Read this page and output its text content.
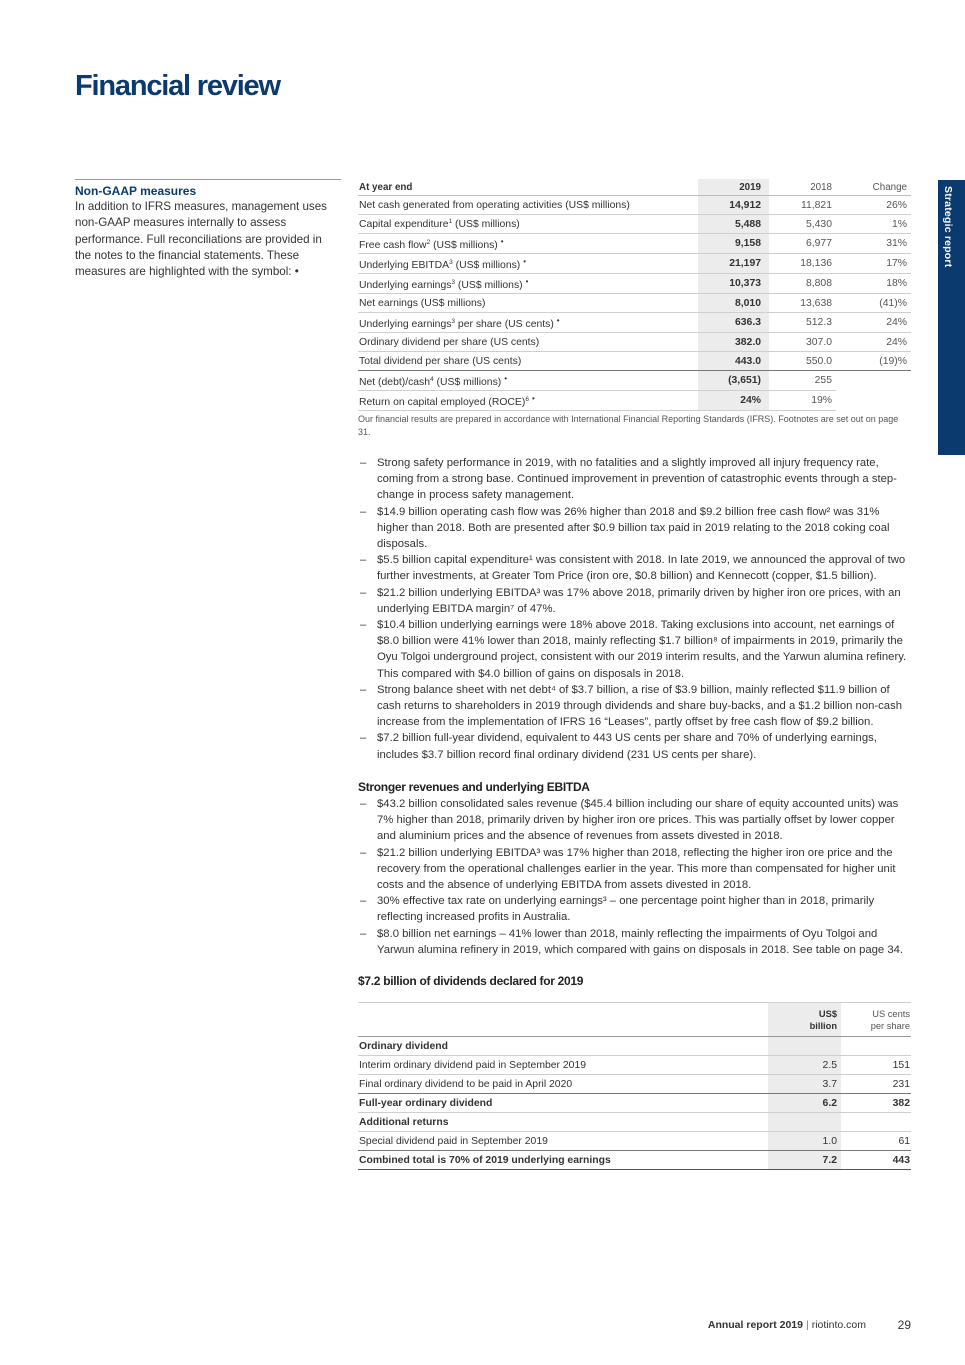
Financial review
Strategic report
Non-GAAP measures

In addition to IFRS measures, management uses non-GAAP measures internally to assess performance. Full reconciliations are provided in the notes to the financial statements. These measures are highlighted with the symbol: •

At year end	2019	2018	Change
Net cash generated from operating activities (US$ millions)	14,912	11,821	26%
Capital expenditure$^1$ (US$ millions)	5,488	5,430	1%
Free cash flow$^2$ (US$ millions) •	9,158	6,977	31%
Underlying EBITDA$^3$ (US$ millions) •	21,197	18,136	17%
Underlying earnings$^3$ (US$ millions) •	10,373	8,808	18%
Net earnings (US$ millions)	8,010	13,638	(41)%
Underlying earnings$^3$ per share (US cents) •	636.3	512.3	24%
Ordinary dividend per share (US cents)	382.0	307.0	24%
Total dividend per share (US cents)	443.0	550.0	(19)%
Net (debt)/cash$^4$ (US$ millions) •	(3,651)	255	
Return on capital employed (ROCE)$^6$ •	24%	19%	

Our financial results are prepared in accordance with International Financial Reporting Standards (IFRS). Footnotes are set out on page 31.

– Strong safety performance in 2019, with no fatalities and a slightly improved all injury frequency rate, coming from a strong base. Continued improvement in prevention of catastrophic events through a step-change in process safety management.
– $14.9 billion operating cash flow was 26% higher than 2018 and $9.2 billion free cash flow² was 31% higher than 2018. Both are presented after $0.9 billion tax paid in 2019 relating to the 2018 coking coal disposals.
– $5.5 billion capital expenditure¹ was consistent with 2018. In late 2019, we announced the approval of two further investments, at Greater Tom Price (iron ore, $0.8 billion) and Kennecott (copper, $1.5 billion).
– $21.2 billion underlying EBITDA³ was 17% above 2018, primarily driven by higher iron ore prices, with an underlying EBITDA margin⁷ of 47%.
– $10.4 billion underlying earnings were 18% above 2018. Taking exclusions into account, net earnings of $8.0 billion were 41% lower than 2018, mainly reflecting $1.7 billion⁸ of impairments in 2019, primarily the Oyu Tolgoi underground project, consistent with our 2019 interim results, and the Yarwun alumina refinery. This compared with $4.0 billion of gains on disposals in 2018.
– Strong balance sheet with net debt⁴ of $3.7 billion, a rise of $3.9 billion, mainly reflected $11.9 billion of cash returns to shareholders in 2019 through dividends and share buy-backs, and a $1.2 billion non-cash increase from the implementation of IFRS 16 “Leases”, partly offset by free cash flow of $9.2 billion.
– $7.2 billion full-year dividend, equivalent to 443 US cents per share and 70% of underlying earnings, includes $3.7 billion record final ordinary dividend (231 US cents per share).
Stronger revenues and underlying EBITDA
– $43.2 billion consolidated sales revenue ($45.4 billion including our share of equity accounted units) was 7% higher than 2018, primarily driven by higher iron ore prices. This was partially offset by lower copper and aluminium prices and the absence of revenues from assets divested in 2018.
– $21.2 billion underlying EBITDA³ was 17% higher than 2018, reflecting the higher iron ore price and the recovery from the operational challenges earlier in the year. This more than compensated for higher unit costs and the absence of underlying EBITDA from assets divested in 2018.
– 30% effective tax rate on underlying earnings³ – one percentage point higher than in 2018, primarily reflecting increased profits in Australia.
– $8.0 billion net earnings – 41% lower than 2018, mainly reflecting the impairments of Oyu Tolgoi and Yarwun alumina refinery in 2019, which compared with gains on disposals in 2018. See table on page 34.
$7.2 billion of dividends declared for 2019
	US$
billion	US cents
per share
Ordinary dividend		
Interim ordinary dividend paid in September 2019	2.5	151
Final ordinary dividend to be paid in April 2020	3.7	231
Full-year ordinary dividend	6.2	382
Additional returns		
Special dividend paid in September 2019	1.0	61
Combined total is 70% of 2019 underlying earnings	7.2	443
Annual report 2019 | riotinto.com	29
